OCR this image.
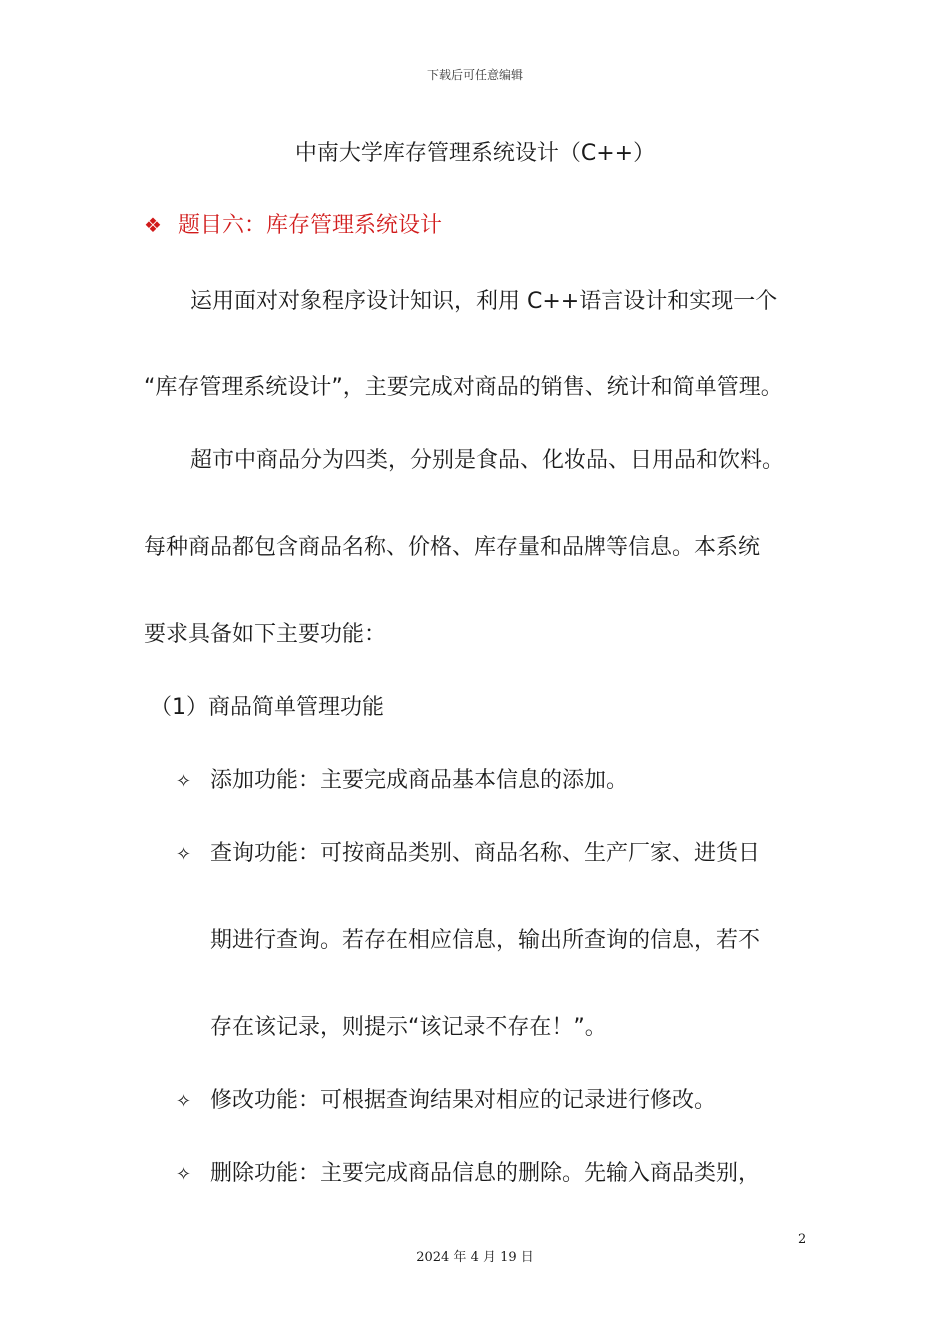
下载后可任意编辑
中南大学库存管理系统设计（C++）
❖ 题目六：库存管理系统设计
运用面对对象程序设计知识，利用 C++语言设计和实现一个
“库存管理系统设计”，主要完成对商品的销售、统计和简单管理。
超市中商品分为四类，分别是食品、化妆品、日用品和饮料。
每种商品都包含商品名称、价格、库存量和品牌等信息。本系统
要求具备如下主要功能：
（1）商品简单管理功能
✧ 添加功能：主要完成商品基本信息的添加。
✧ 查询功能：可按商品类别、商品名称、生产厂家、进货日
期进行查询。若存在相应信息，输出所查询的信息，若不
存在该记录，则提示“该记录不存在！”。
✧ 修改功能：可根据查询结果对相应的记录进行修改。
✧ 删除功能：主要完成商品信息的删除。先输入商品类别，
2
2024 年 4 月 19 日
